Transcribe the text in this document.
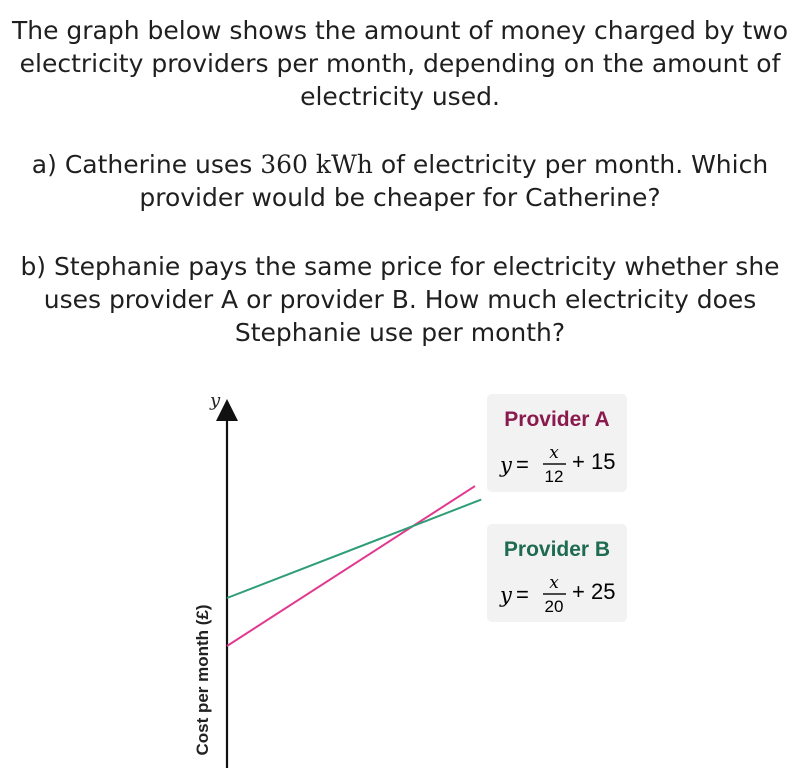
The graph below shows the amount of money charged by two electricity providers per month, depending on the amount of electricity used.

a) Catherine uses 360 kWh of electricity per month. Which provider would be cheaper for Catherine?

b) Stephanie pays the same price for electricity whether she uses provider A or provider B. How much electricity does Stephanie use per month?

y
Cost per month (£)
Provider A
y = x
12
+ 15
Provider B
y = x
20
+ 25
